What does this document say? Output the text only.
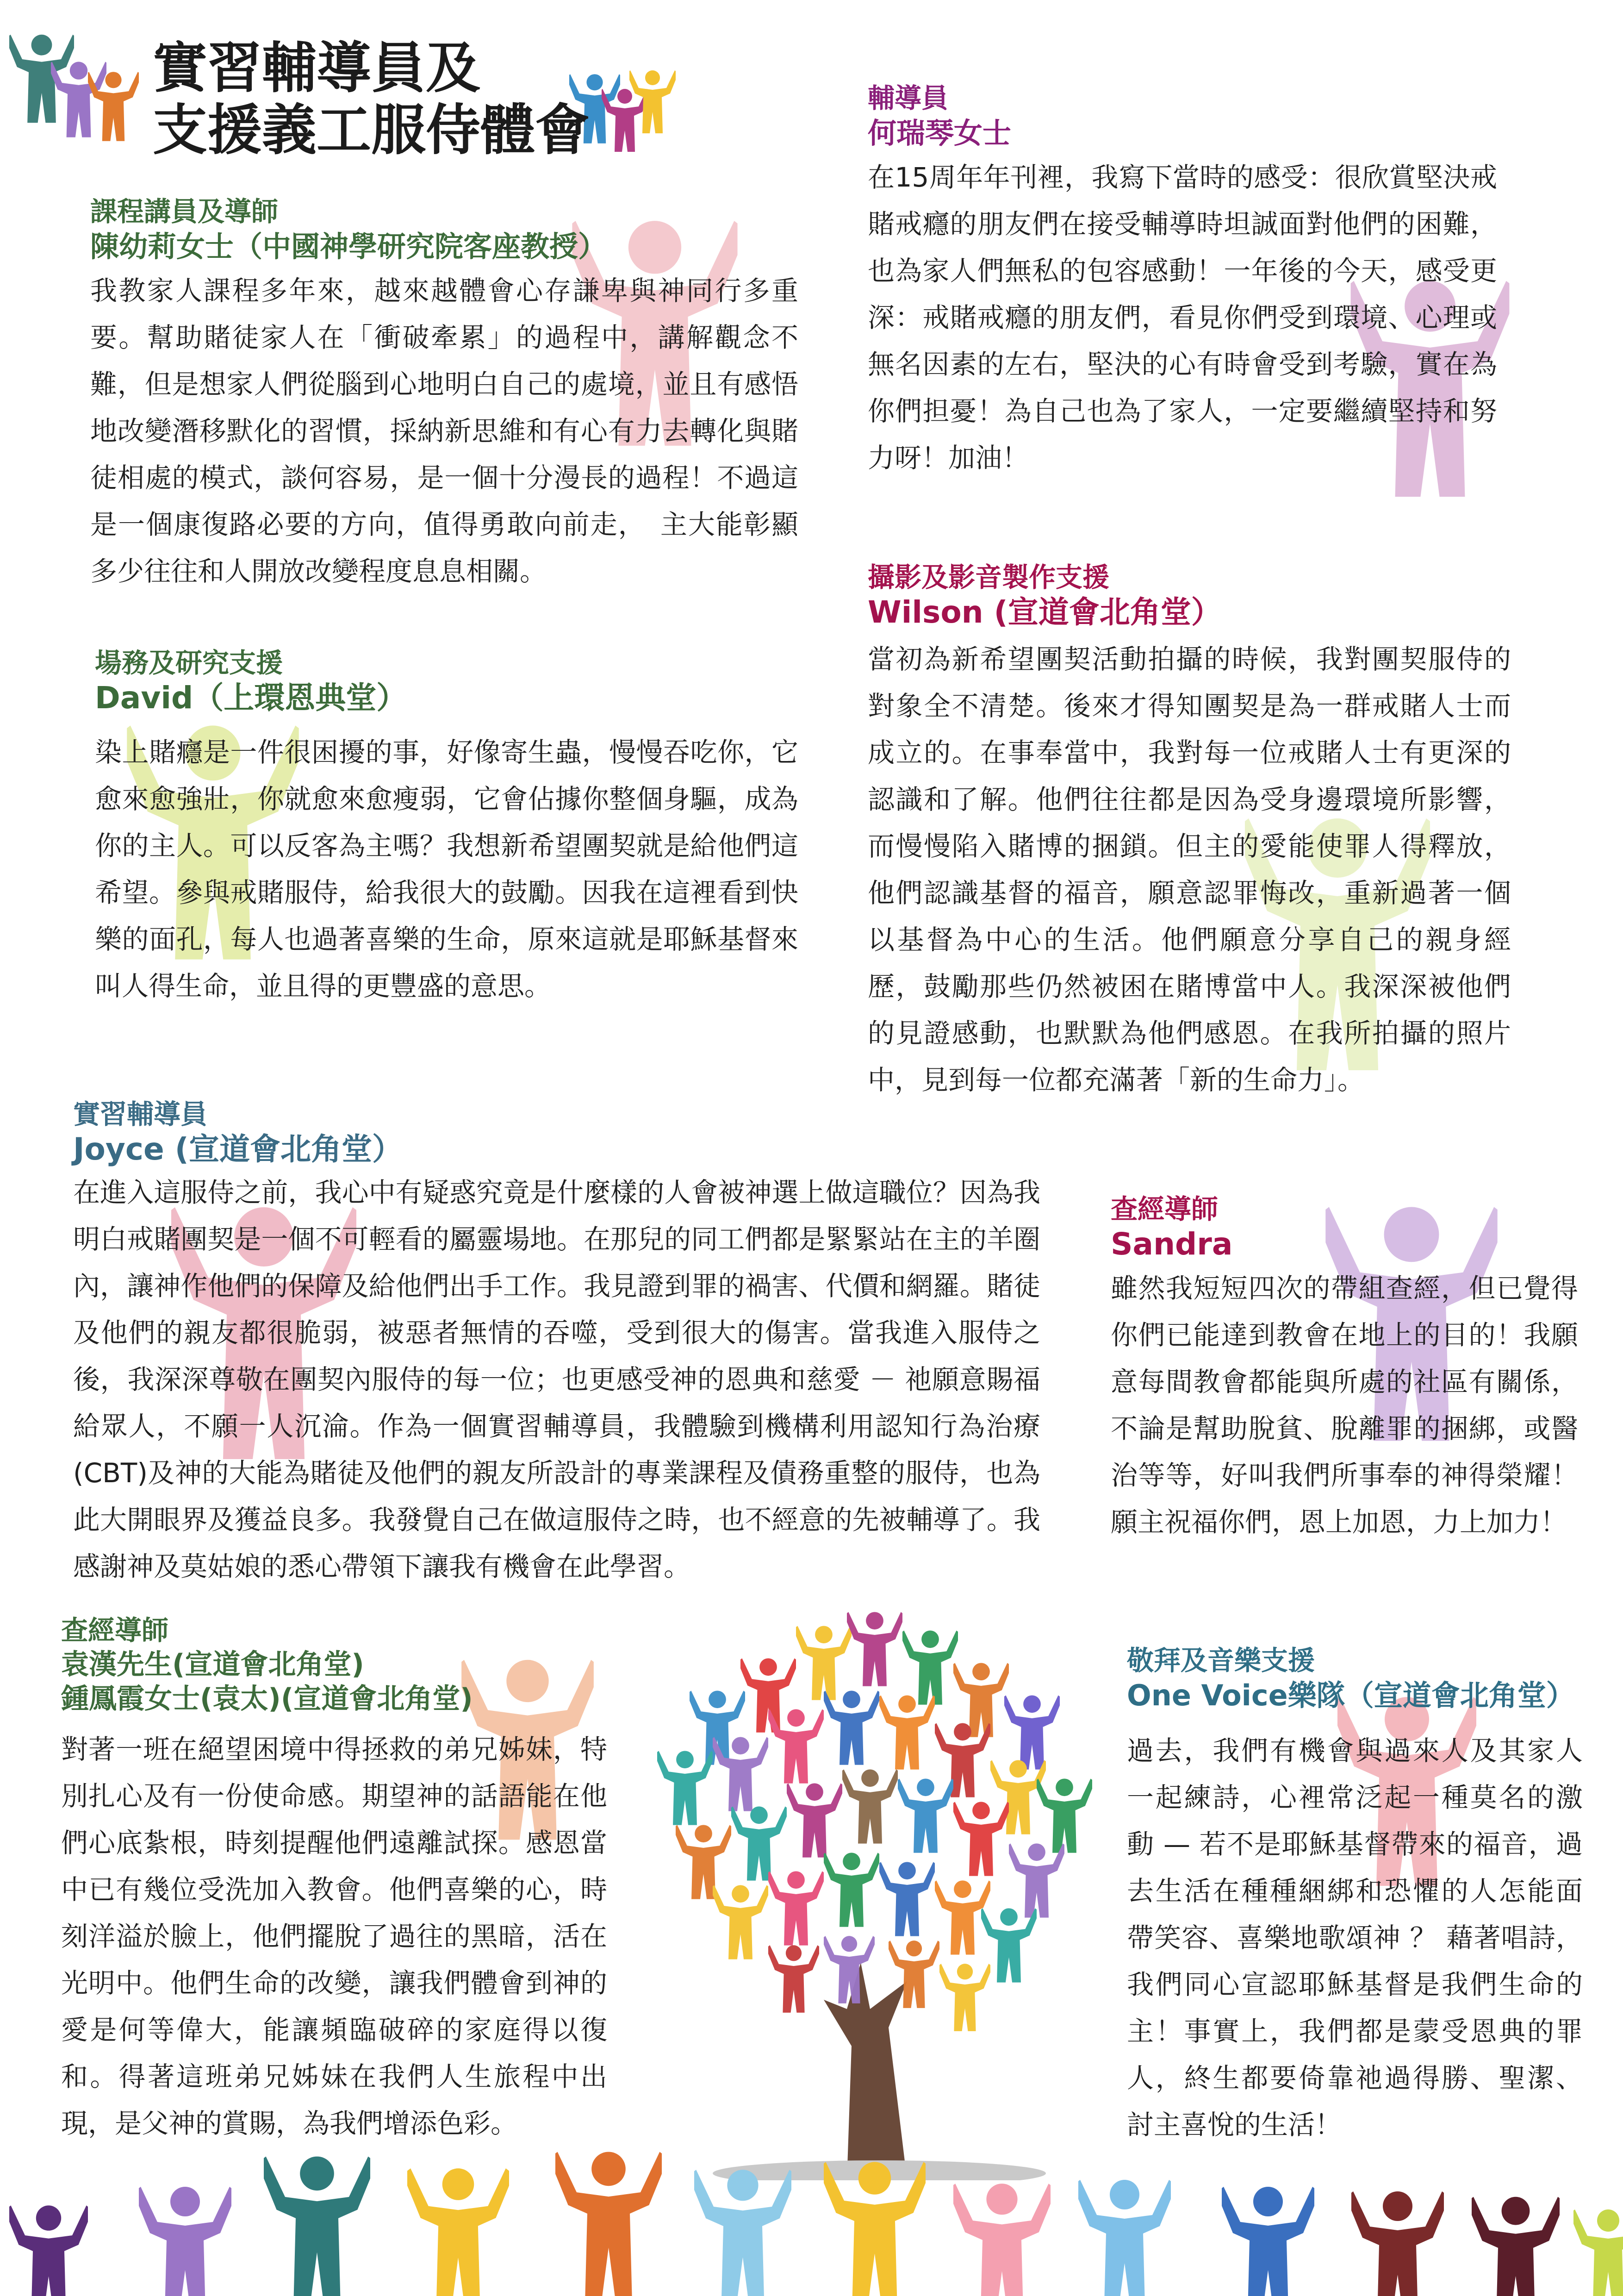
實習輔導員及

支援義工服侍體會

課程講員及導師

陳幼莉女士（中國神學研究院客座教授）

我教家人課程多年來，越來越體會心存謙卑與神同行多重要。幫助賭徒家人在「衝破牽累」的過程中，講解觀念不難，但是想家人們從腦到心地明白自己的處境，並且有感悟地改變潛移默化的習慣，採納新思維和有心有力去轉化與賭徒相處的模式，談何容易，是一個十分漫長的過程！不過這是一個康復路必要的方向，值得勇敢向前走，　主大能彰顯多少往往和人開放改變程度息息相關。

輔導員

何瑞琴女士

在15周年年刊裡，我寫下當時的感受：很欣賞堅決戒賭戒癮的朋友們在接受輔導時坦誠面對他們的困難，也為家人們無私的包容感動！一年後的今天，感受更深：戒賭戒癮的朋友們，看見你們受到環境、心理或無名因素的左右，堅決的心有時會受到考驗，實在為你們担憂！為自己也為了家人，一定要繼續堅持和努力呀！加油！

場務及研究支援

David（上環恩典堂）

染上賭癮是一件很困擾的事，好像寄生蟲，慢慢吞吃你，它愈來愈強壯，你就愈來愈瘦弱，它會佔據你整個身驅，成為你的主人。可以反客為主嗎？我想新希望團契就是給他們這希望。參與戒賭服侍，給我很大的鼓勵。因我在這裡看到快樂的面孔，每人也過著喜樂的生命，原來這就是耶穌基督來叫人得生命，並且得的更豐盛的意思。

攝影及影音製作支援

Wilson (宣道會北角堂）

當初為新希望團契活動拍攝的時候，我對團契服侍的對象全不清楚。後來才得知團契是為一群戒賭人士而成立的。在事奉當中，我對每一位戒賭人士有更深的認識和了解。他們往往都是因為受身邊環境所影響，而慢慢陷入賭博的捆鎖。但主的愛能使罪人得釋放，他們認識基督的福音，願意認罪悔改，重新過著一個以基督為中心的生活。他們願意分享自己的親身經歷，鼓勵那些仍然被困在賭博當中人。我深深被他們的見證感動，也默默為他們感恩。在我所拍攝的照片中，見到每一位都充滿著「新的生命力」。

實習輔導員

Joyce (宣道會北角堂）

在進入這服侍之前，我心中有疑惑究竟是什麼樣的人會被神選上做這職位？因為我明白戒賭團契是一個不可輕看的屬靈場地。在那兒的同工們都是緊緊站在主的羊圈內，讓神作他們的保障及給他們出手工作。我見證到罪的禍害、代價和網羅。賭徒及他們的親友都很脆弱，被惡者無情的吞噬，受到很大的傷害。當我進入服侍之後，我深深尊敬在團契內服侍的每一位；也更感受神的恩典和慈愛 － 祂願意賜福給眾人，不願一人沉淪。作為一個實習輔導員，我體驗到機構利用認知行為治療(CBT)及神的大能為賭徒及他們的親友所設計的專業課程及債務重整的服侍，也為此大開眼界及獲益良多。我發覺自己在做這服侍之時，也不經意的先被輔導了。我感謝神及莫姑娘的悉心帶領下讓我有機會在此學習。

查經導師

Sandra

雖然我短短四次的帶組查經，但已覺得你們已能達到教會在地上的目的！我願意每間教會都能與所處的社區有關係，不論是幫助脫貧、脫離罪的捆綁，或醫治等等，好叫我們所事奉的神得榮耀！願主祝福你們，恩上加恩，力上加力！

查經導師

袁漢先生(宣道會北角堂)

鍾鳳霞女士(袁太)(宣道會北角堂)

對著一班在絕望困境中得拯救的弟兄姊妹，特別扎心及有一份使命感。期望神的話語能在他們心底紮根，時刻提醒他們遠離試探。感恩當中已有幾位受洗加入教會。他們喜樂的心，時刻洋溢於臉上，他們擺脫了過往的黑暗，活在光明中。他們生命的改變，讓我們體會到神的愛是何等偉大，能讓頻臨破碎的家庭得以復和。得著這班弟兄姊妹在我們人生旅程中出現，是父神的賞賜，為我們增添色彩。

敬拜及音樂支援

One Voice樂隊（宣道會北角堂）

過去，我們有機會與過來人及其家人一起練詩，心裡常泛起一種莫名的激動 — 若不是耶穌基督帶來的福音，過去生活在種種綑綁和恐懼的人怎能面帶笑容、喜樂地歌頌神 ？ 藉著唱詩，我們同心宣認耶穌基督是我們生命的主！事實上，我們都是蒙受恩典的罪人，終生都要倚靠祂過得勝、聖潔、討主喜悅的生活！
